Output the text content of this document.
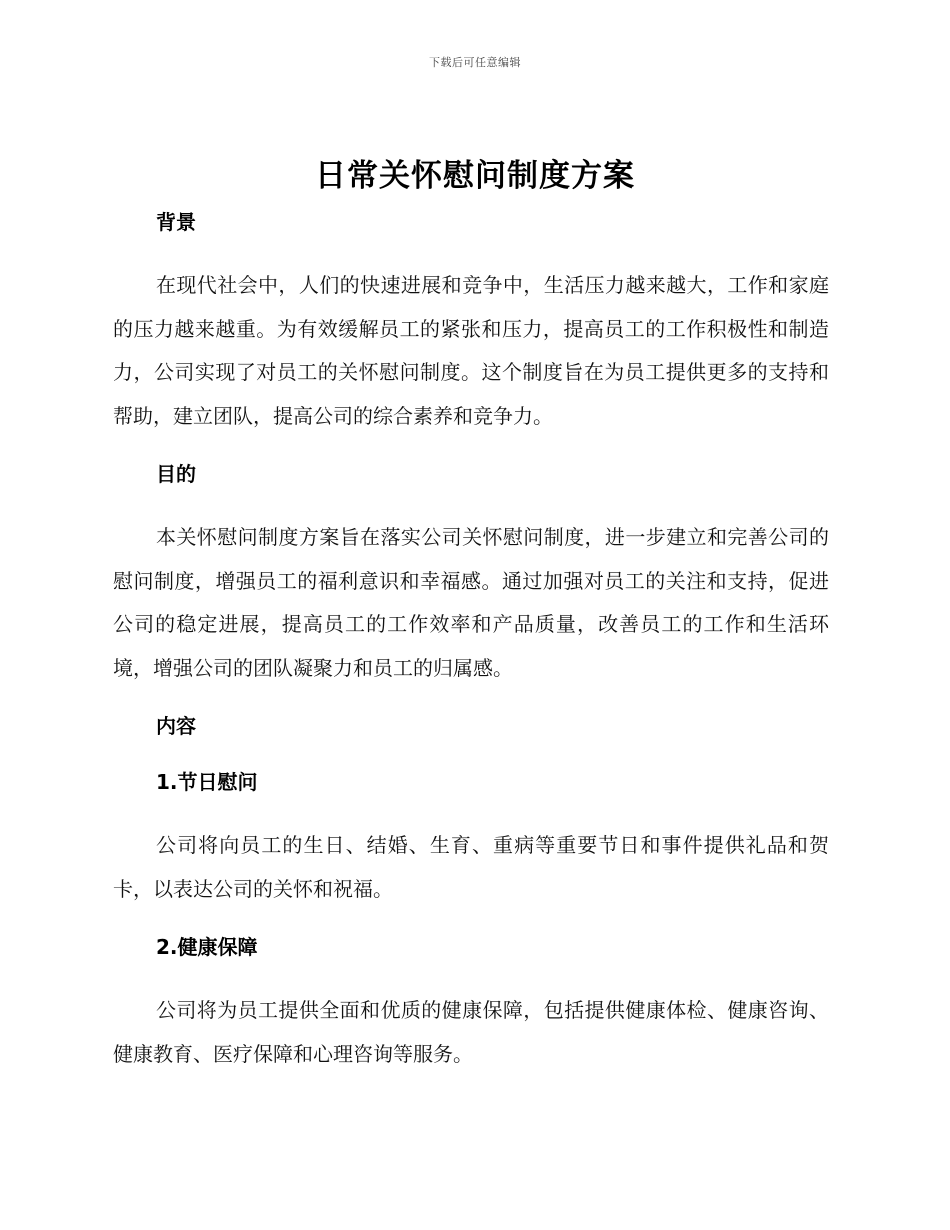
下载后可任意编辑
日常关怀慰问制度方案
背景

在现代社会中，人们的快速进展和竞争中，生活压力越来越大，工作和家庭的压力越来越重。为有效缓解员工的紧张和压力，提高员工的工作积极性和制造力，公司实现了对员工的关怀慰问制度。这个制度旨在为员工提供更多的支持和帮助，建立团队，提高公司的综合素养和竞争力。

目的

本关怀慰问制度方案旨在落实公司关怀慰问制度，进一步建立和完善公司的慰问制度，增强员工的福利意识和幸福感。通过加强对员工的关注和支持，促进公司的稳定进展，提高员工的工作效率和产品质量，改善员工的工作和生活环境，增强公司的团队凝聚力和员工的归属感。

内容
1.节日慰问

公司将向员工的生日、结婚、生育、重病等重要节日和事件提供礼品和贺卡，以表达公司的关怀和祝福。

2.健康保障

公司将为员工提供全面和优质的健康保障，包括提供健康体检、健康咨询、健康教育、医疗保障和心理咨询等服务。
